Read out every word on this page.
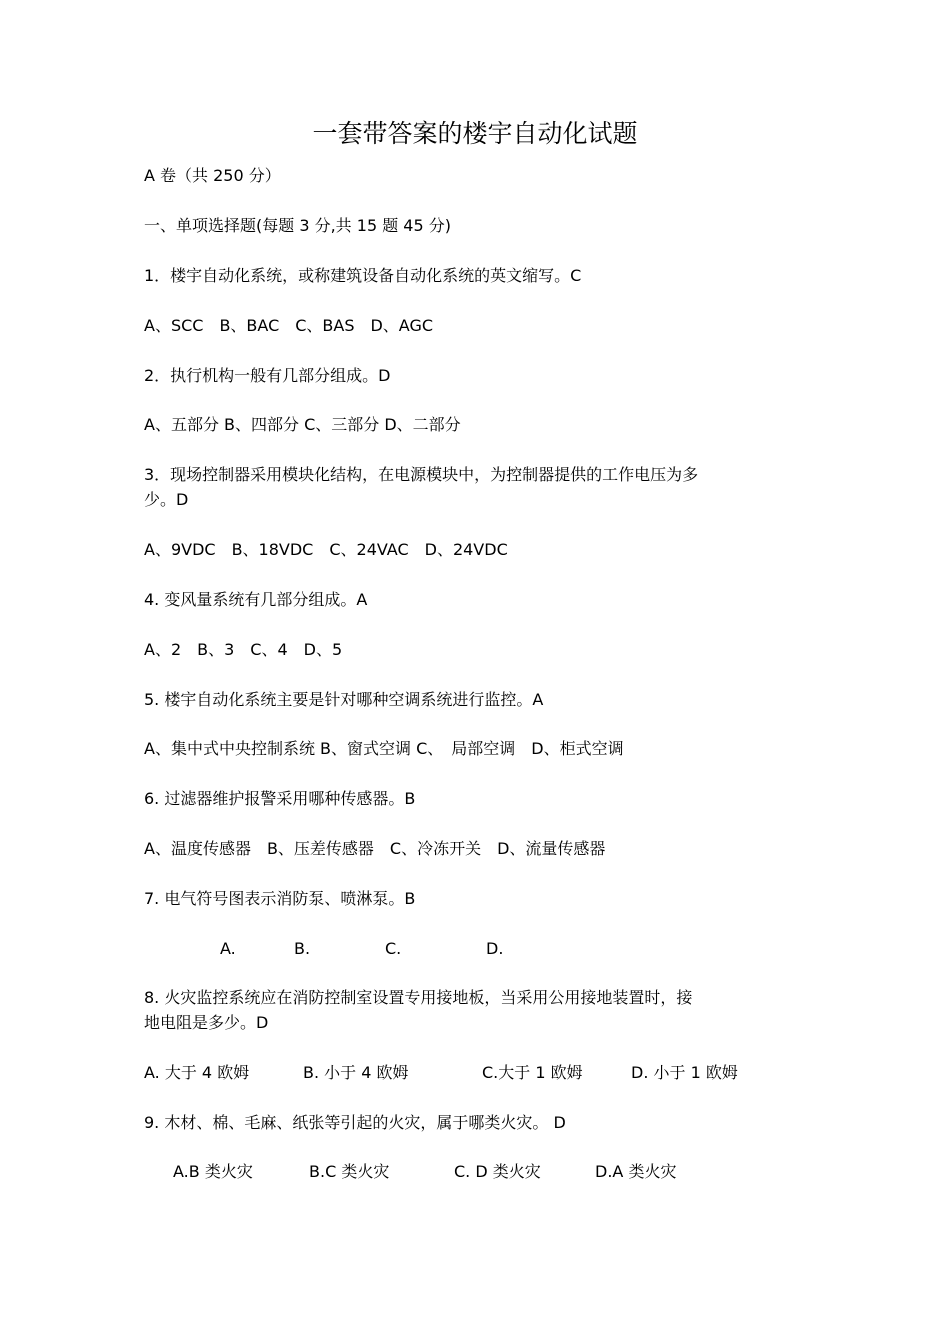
一套带答案的楼宇自动化试题
A 卷（共 250 分）
一、单项选择题(每题 3 分,共 15 题 45 分)
1．楼宇自动化系统，或称建筑设备自动化系统的英文缩写。C
A、SCC　B、BAC　C、BAS　D、AGC
2．执行机构一般有几部分组成。D
A、五部分 B、四部分 C、三部分 D、二部分
3．现场控制器采用模块化结构，在电源模块中，为控制器提供的工作电压为多
少。D
A、9VDC　B、18VDC　C、24VAC　D、24VDC
4. 变风量系统有几部分组成。A
A、2　B、3　C、4　D、5
5. 楼宇自动化系统主要是针对哪种空调系统进行监控。A
A、集中式中央控制系统 B、窗式空调 C、　局部空调　D、柜式空调
6. 过滤器维护报警采用哪种传感器。B
A、温度传感器　B、压差传感器　C、冷冻开关　D、流量传感器
7. 电气符号图表示消防泵、喷淋泵。B
A.	B.	C.	D.
8. 火灾监控系统应在消防控制室设置专用接地板，当采用公用接地装置时，接
地电阻是多少。D
A. 大于 4 欧姆	B. 小于 4 欧姆	C.大于 1 欧姆	D. 小于 1 欧姆
9. 木材、棉、毛麻、纸张等引起的火灾，属于哪类火灾。 D
A.B 类火灾	B.C 类火灾	C. D 类火灾	D.A 类火灾
